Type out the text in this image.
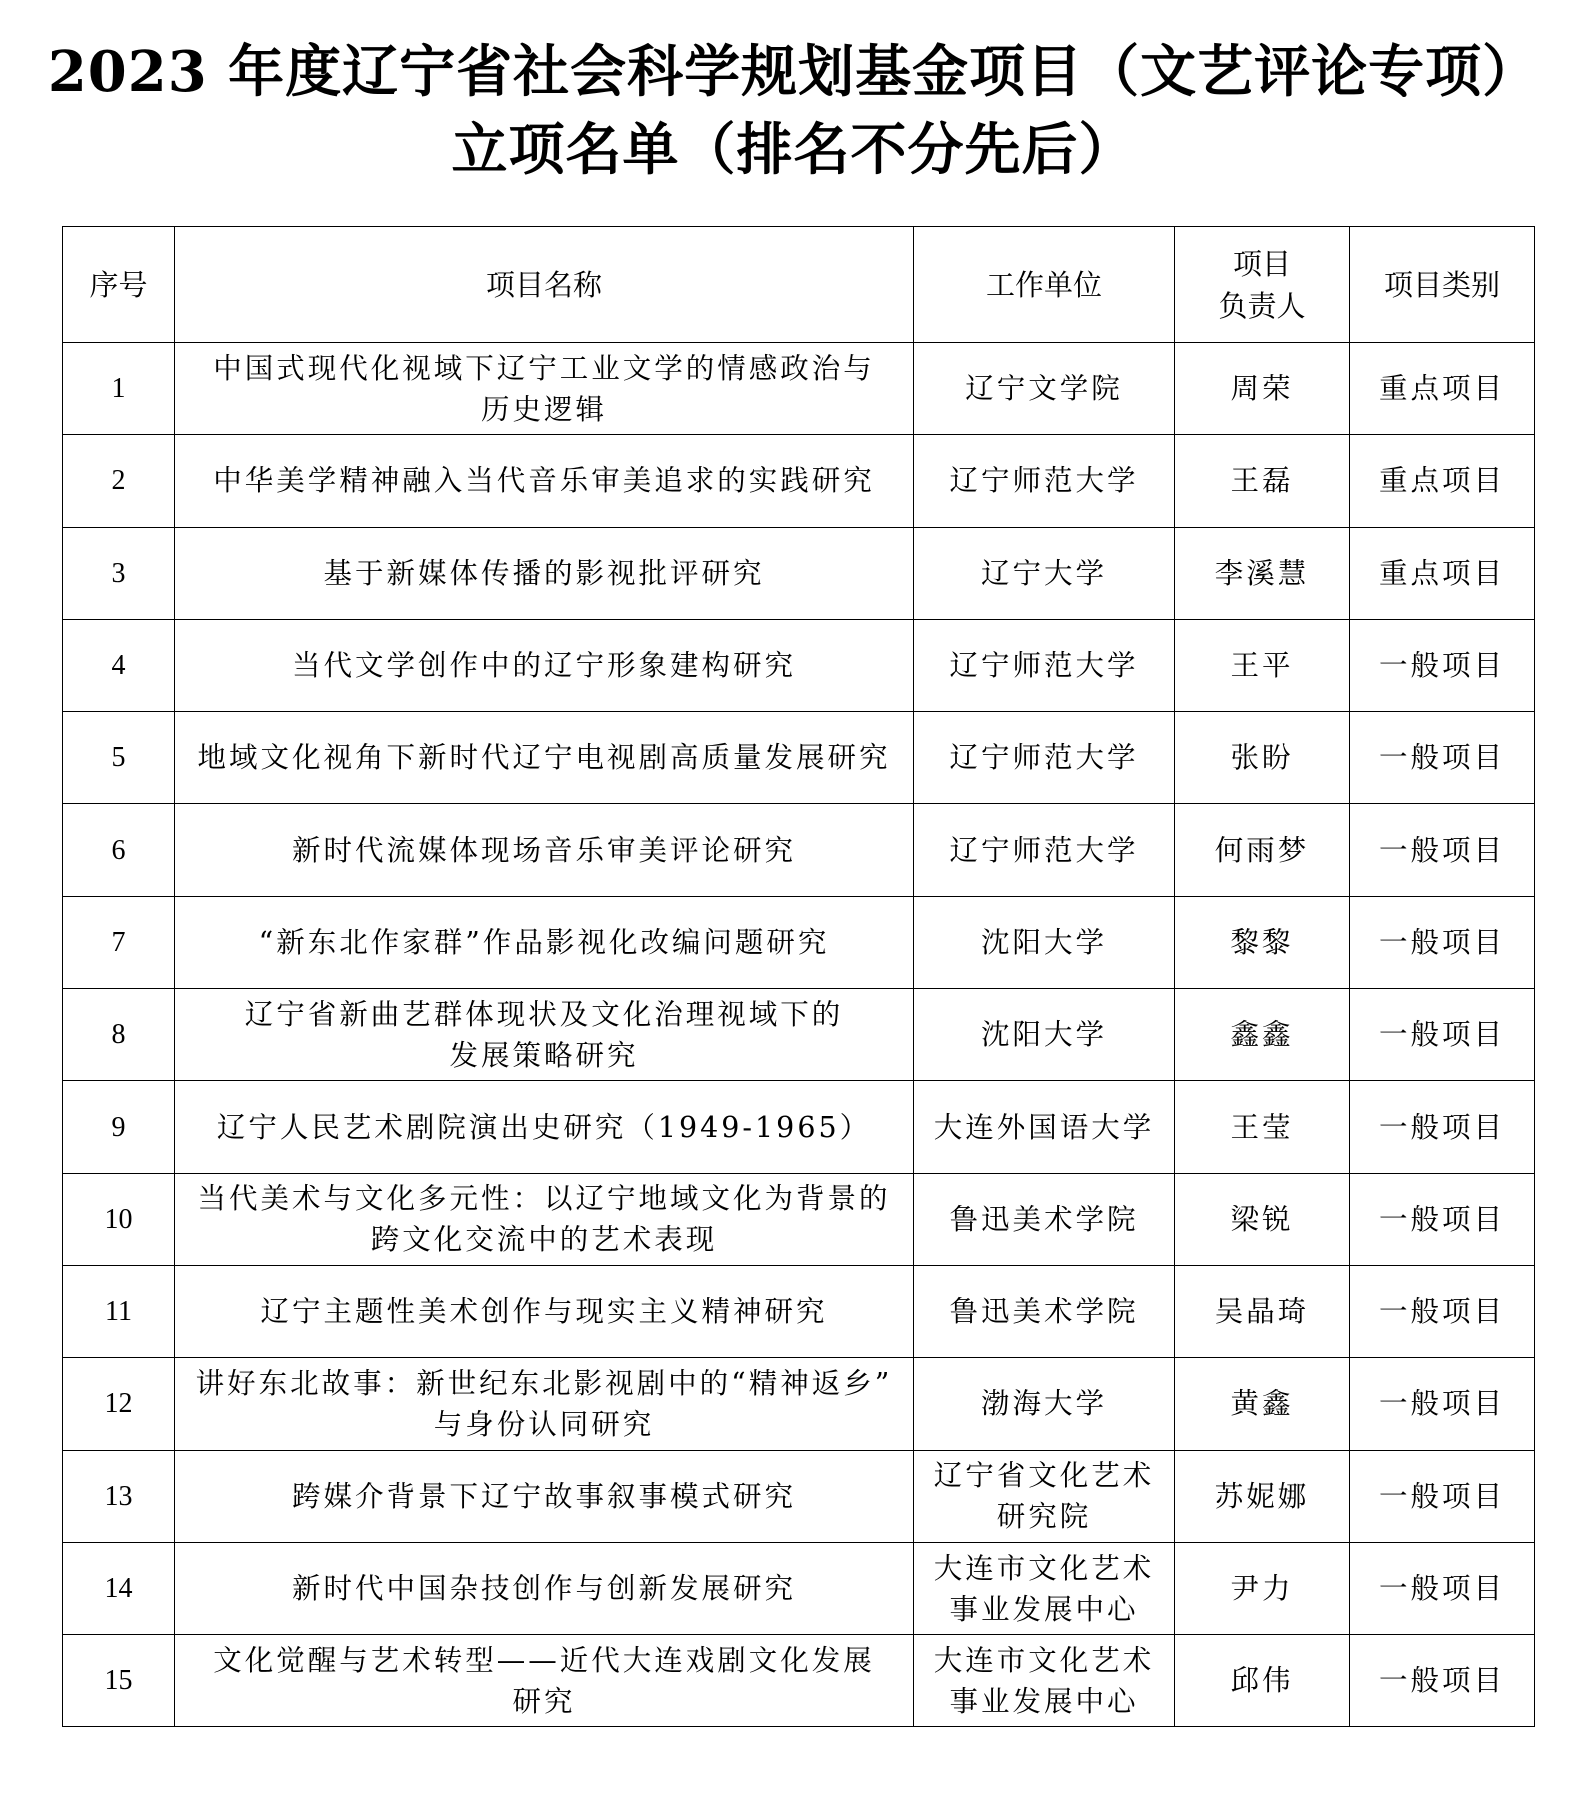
2023 年度辽宁省社会科学规划基金项目（文艺评论专项）
立项名单（排名不分先后）
序号	项目名称	工作单位	项目
负责人	项目类别
1	中国式现代化视域下辽宁工业文学的情感政治与
历史逻辑	辽宁文学院	周荣	重点项目
2	中华美学精神融入当代音乐审美追求的实践研究	辽宁师范大学	王磊	重点项目
3	基于新媒体传播的影视批评研究	辽宁大学	李溪慧	重点项目
4	当代文学创作中的辽宁形象建构研究	辽宁师范大学	王平	一般项目
5	地域文化视角下新时代辽宁电视剧高质量发展研究	辽宁师范大学	张盼	一般项目
6	新时代流媒体现场音乐审美评论研究	辽宁师范大学	何雨梦	一般项目
7	“新东北作家群”作品影视化改编问题研究	沈阳大学	黎黎	一般项目
8	辽宁省新曲艺群体现状及文化治理视域下的
发展策略研究	沈阳大学	鑫鑫	一般项目
9	辽宁人民艺术剧院演出史研究（1949-1965）	大连外国语大学	王莹	一般项目
10	当代美术与文化多元性：以辽宁地域文化为背景的
跨文化交流中的艺术表现	鲁迅美术学院	梁锐	一般项目
11	辽宁主题性美术创作与现实主义精神研究	鲁迅美术学院	吴晶琦	一般项目
12	讲好东北故事：新世纪东北影视剧中的“精神返乡”
与身份认同研究	渤海大学	黄鑫	一般项目
13	跨媒介背景下辽宁故事叙事模式研究	辽宁省文化艺术
研究院	苏妮娜	一般项目
14	新时代中国杂技创作与创新发展研究	大连市文化艺术
事业发展中心	尹力	一般项目
15	文化觉醒与艺术转型——近代大连戏剧文化发展
研究	大连市文化艺术
事业发展中心	邱伟	一般项目
